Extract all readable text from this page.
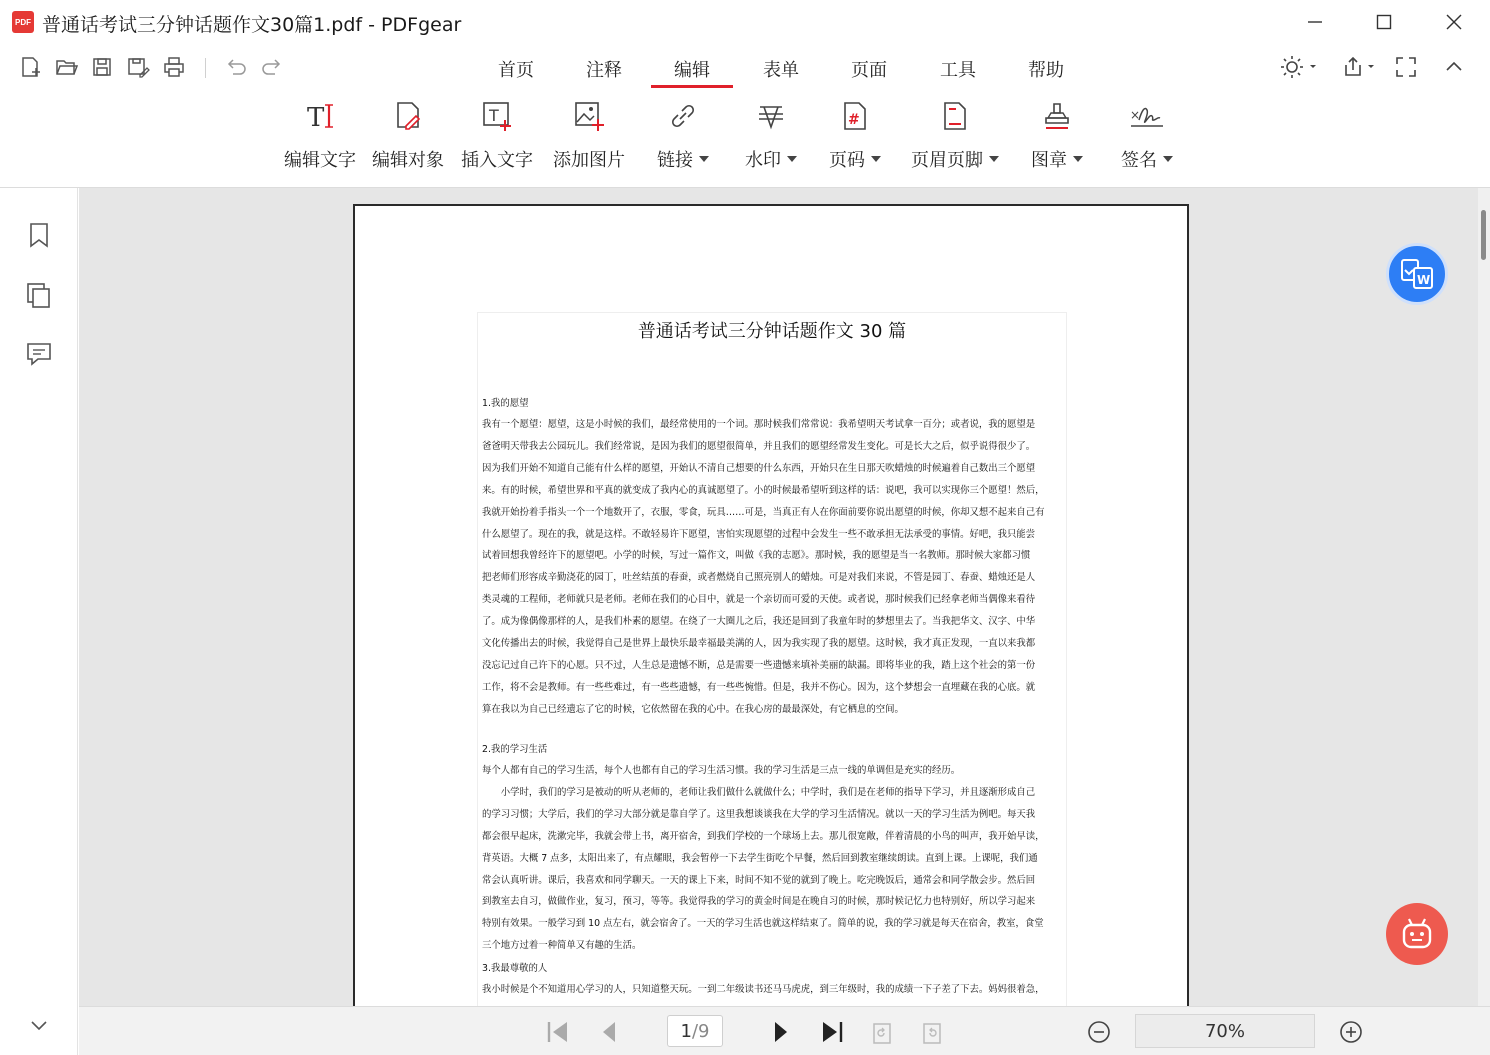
PDF 普通话考试三分钟话题作文30篇1.pdf - PDFgear
首页	注释	编辑	表单	页面	工具	帮助
T
编辑文字 编辑对象
T
插入文字 添加图片 链接	水印
#
页码	页眉页脚	图章
×
签名
普通话考试三分钟话题作文 30 篇
1.我的愿望
我有一个愿望：愿望，这是小时候的我们，最经常使用的一个词。那时候我们常常说：我希望明天考试拿一百分；或者说，我的愿望是
爸爸明天带我去公园玩儿。我们经常说，是因为我们的愿望很简单，并且我们的愿望经常发生变化。可是长大之后，似乎说得很少了。
因为我们开始不知道自己能有什么样的愿望，开始认不清自己想要的什么东西，开始只在生日那天吹蜡烛的时候遍着自己数出三个愿望
来。有的时候，希望世界和平真的就变成了我内心的真诚愿望了。小的时候最希望听到这样的话：说吧，我可以实现你三个愿望！然后，
我就开始扮着手指头一个一个地数开了，衣服，零食，玩具……可是，当真正有人在你面前要你说出愿望的时候，你却又想不起来自己有
什么愿望了。现在的我，就是这样。不敢轻易许下愿望，害怕实现愿望的过程中会发生一些不敢承担无法承受的事情。好吧，我只能尝
试着回想我曾经许下的愿望吧。小学的时候，写过一篇作文，叫做《我的志愿》。那时候，我的愿望是当一名教师。那时候大家都习惯
把老师们形容成辛勤浇花的园丁，吐丝结茧的春蚕，或者燃烧自己照亮别人的蜡烛。可是对我们来说，不管是园丁、春蚕、蜡烛还是人
类灵魂的工程师，老师就只是老师。老师在我们的心目中，就是一个亲切而可爱的天使。或者说，那时候我们已经拿老师当偶像来看待
了。成为像偶像那样的人，是我们朴素的愿望。在绕了一大圈儿之后，我还是回到了我童年时的梦想里去了。当我把华文、汉字、中华
文化传播出去的时候，我觉得自己是世界上最快乐最幸福最美满的人，因为我实现了我的愿望。这时候，我才真正发现，一直以来我都
没忘记过自己许下的心愿。只不过，人生总是遗憾不断，总是需要一些遗憾来填补美丽的缺漏。即将毕业的我，踏上这个社会的第一份
工作，将不会是教师。有一些些难过，有一些些遗憾，有一些些惋惜。但是，我并不伤心。因为，这个梦想会一直埋藏在我的心底。就
算在我以为自己已经遗忘了它的时候，它依然留在我的心中。在我心房的最最深处，有它栖息的空间。
2.我的学习生活
每个人都有自己的学习生活，每个人也都有自己的学习生活习惯。我的学习生活是三点一线的单调但是充实的经历。
　　小学时，我们的学习是被动的听从老师的，老师让我们做什么就做什么；中学时，我们是在老师的指导下学习，并且逐渐形成自己
的学习习惯；大学后，我们的学习大部分就是靠自学了。这里我想谈谈我在大学的学习生活情况。就以一天的学习生活为例吧。每天我
都会很早起床，洗漱完毕，我就会带上书，离开宿舍，到我们学校的一个球场上去。那儿很宽敞，伴着清晨的小鸟的叫声，我开始早读，
背英语。大概 7 点多，太阳出来了，有点耀眼，我会暂停一下去学生街吃个早餐，然后回到教室继续朗读。直到上课。上课呢，我们通
常会认真听讲。课后，我喜欢和同学聊天。一天的课上下来，时间不知不觉的就到了晚上。吃完晚饭后，通常会和同学散会步。然后回
到教室去自习，做做作业，复习，预习，等等。我觉得我的学习的黄金时间是在晚自习的时候，那时候记忆力也特别好，所以学习起来
特别有效果。一般学习到 10 点左右，就会宿舍了。一天的学习生活也就这样结束了。简单的说，我的学习就是每天在宿舍，教室，食堂
三个地方过着一种简单又有趣的生活。
3.我最尊敬的人
我小时候是个不知道用心学习的人，只知道整天玩。一到二年级读书还马马虎虎，到三年级时，我的成绩一下子差了下去。妈妈很着急，
W
1 /9	70%
